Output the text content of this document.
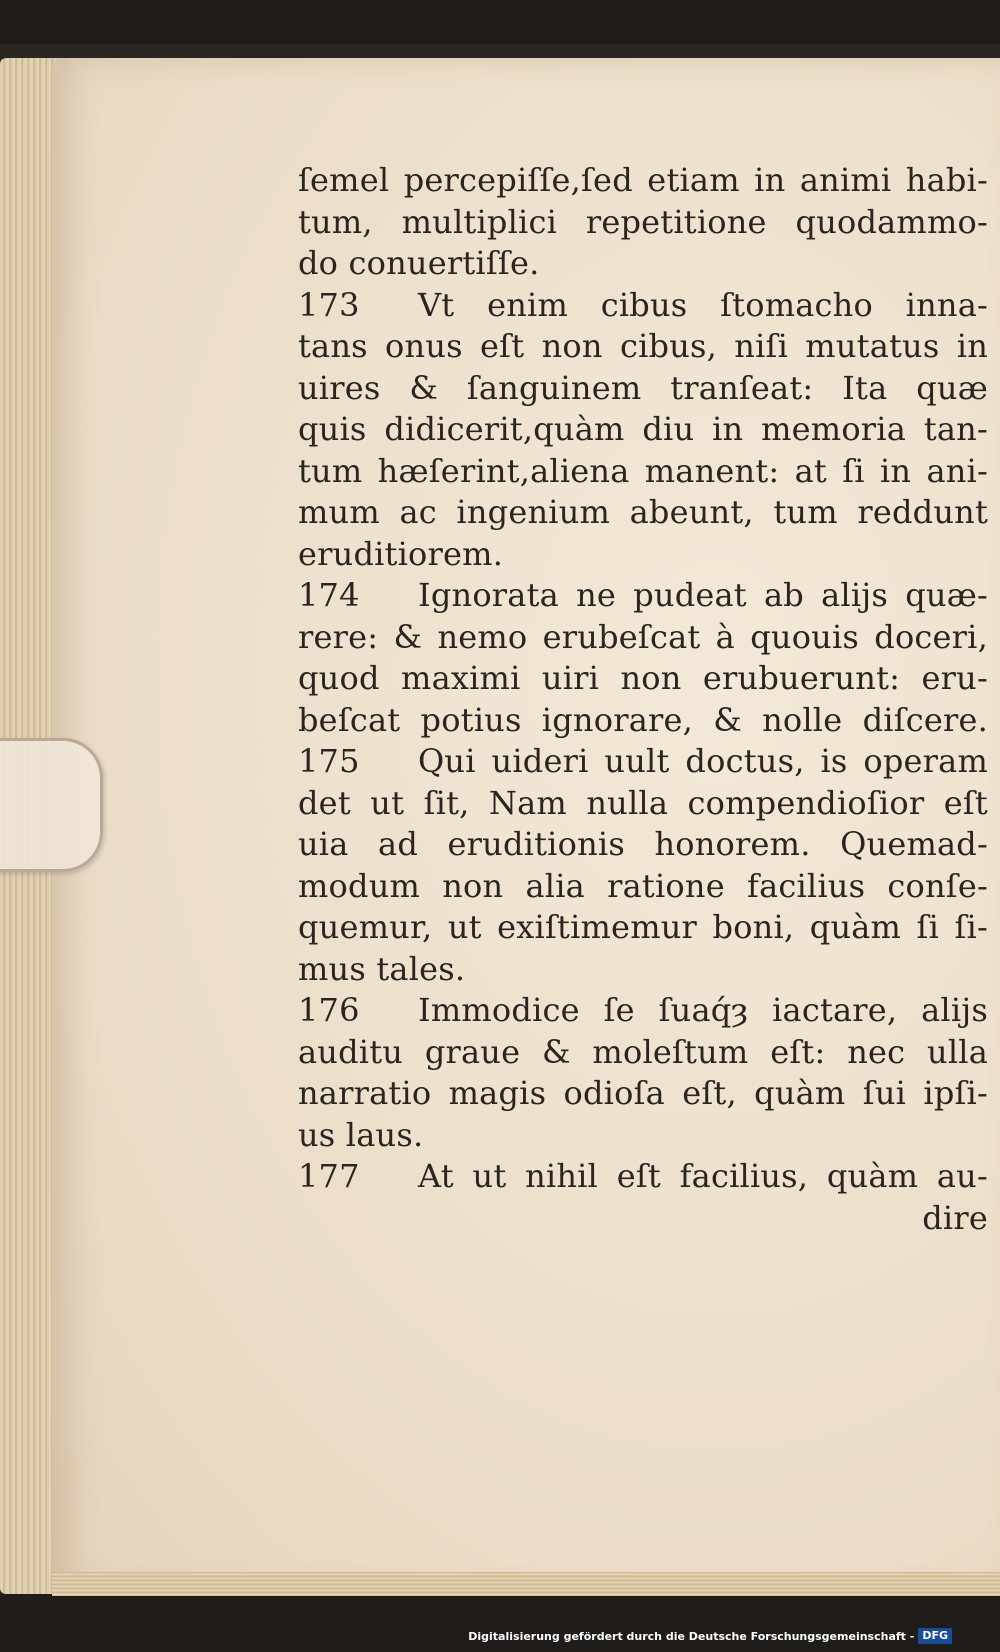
ſemel percepiſſe,ſed etiam in animi habi-
tum, multiplici repetitione quodammo-
do conuertiſſe.
173	Vt enim cibus ſtomacho inna-
tans onus eſt non cibus, niſi mutatus in
uires & ſanguinem tranſeat: Ita quæ
quis didicerit,quàm diu in memoria tan-
tum hæſerint,aliena manent: at ſi in ani-
mum ac ingenium abeunt, tum reddunt
eruditiorem.
174	Ignorata ne pudeat ab aliјs quæ-
rere: & nemo erubeſcat à quouis doceri,
quod maximi uiri non erubuerunt: eru-
beſcat potius ignorare, & nolle diſcere.
175	Qui uideri uult doctus, is operam
det ut ſit, Nam nulla compendioſior eſt
uia ad eruditionis honorem. Quemad-
modum non alia ratione facilius conſe-
quemur, ut exiſtimemur boni, quàm ſi ſi-
mus tales.
176	Immodice ſe ſuaq́ȝ iactare, aliјs
auditu graue & moleſtum eſt: nec ulla
narratio magis odioſa eſt, quàm ſui ipſi-
us laus.
177	At ut nihil eſt facilius, quàm au-
dire
Digitalisierung gefördert durch die Deutsche Forschungsgemeinschaft - DFG
